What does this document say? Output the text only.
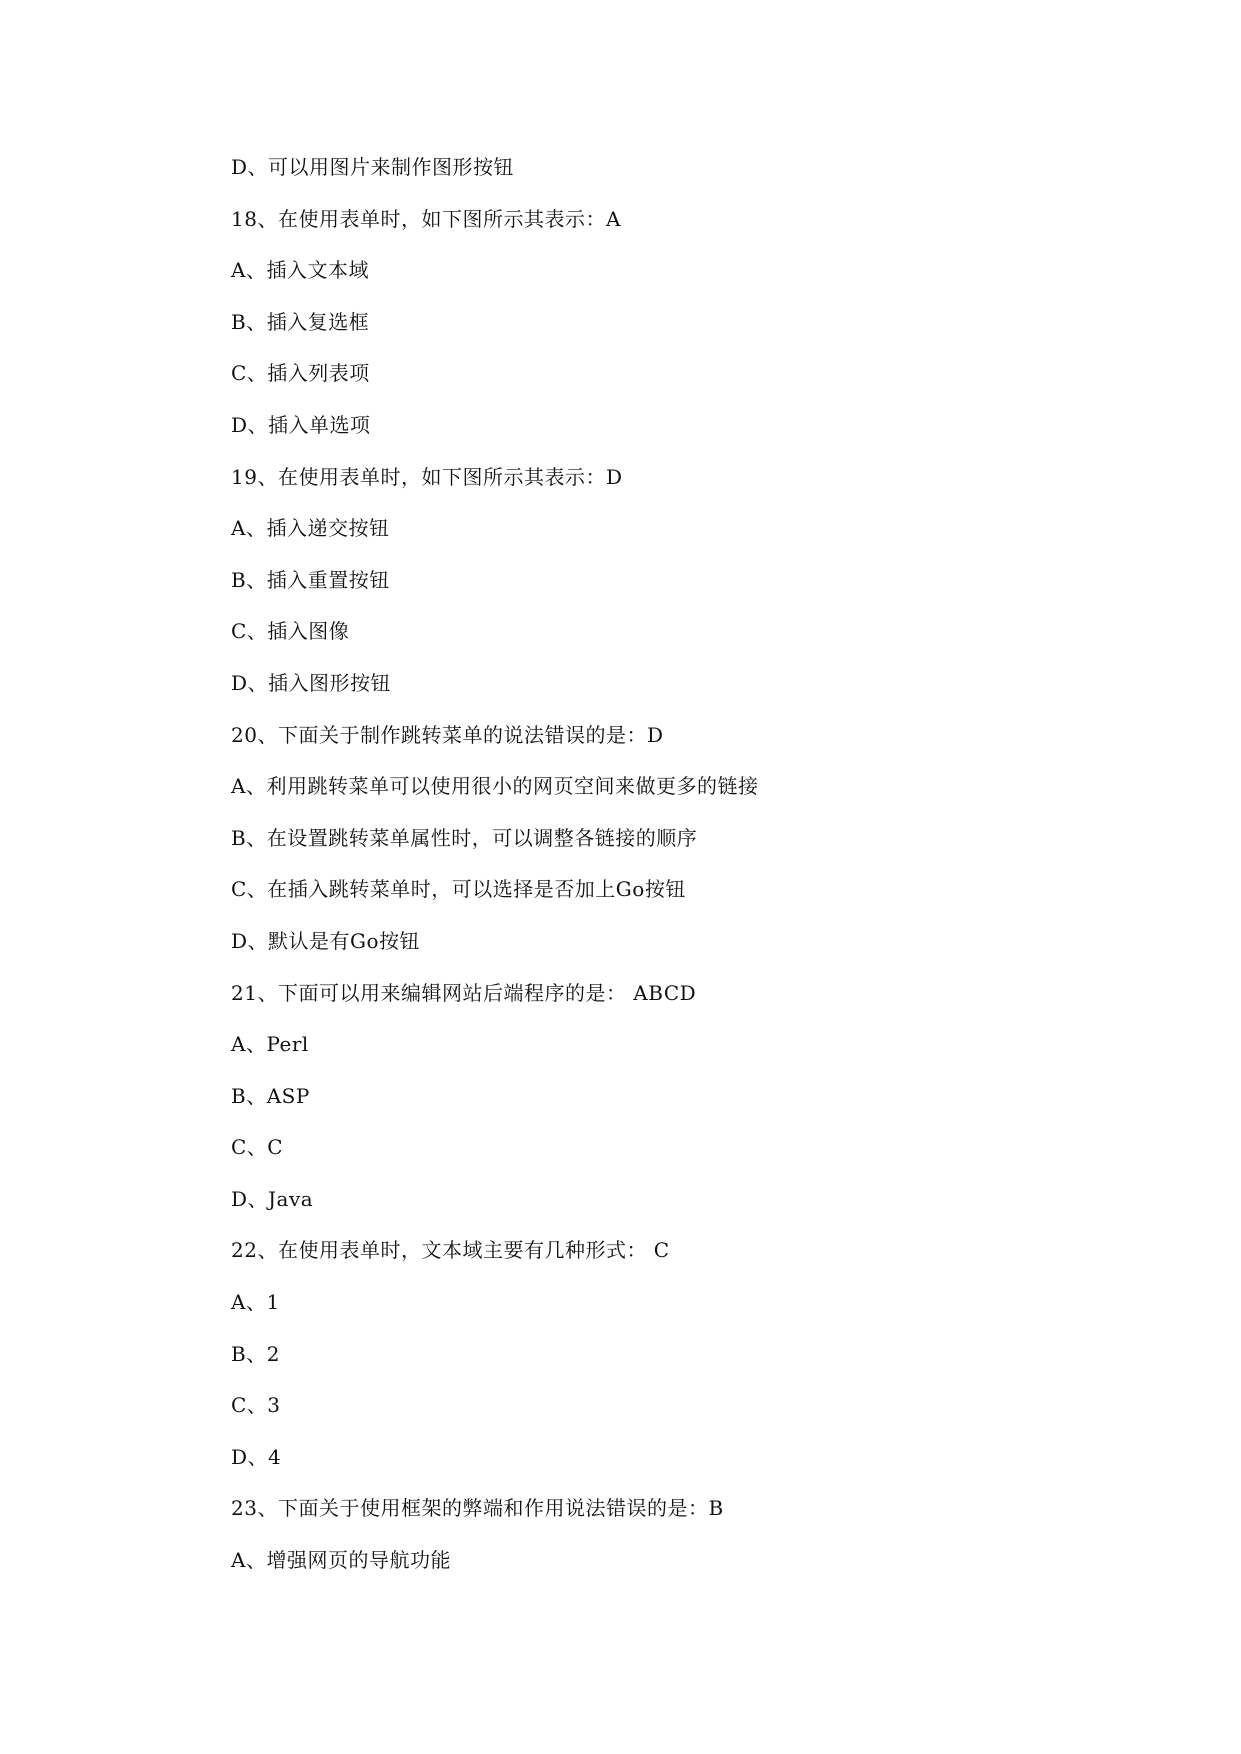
D、可以用图片来制作图形按钮
18、在使用表单时，如下图所示其表示：A
A、插入文本域
B、插入复选框
C、插入列表项
D、插入单选项
19、在使用表单时，如下图所示其表示：D
A、插入递交按钮
B、插入重置按钮
C、插入图像
D、插入图形按钮
20、下面关于制作跳转菜单的说法错误的是：D
A、利用跳转菜单可以使用很小的网页空间来做更多的链接
B、在设置跳转菜单属性时，可以调整各链接的顺序
C、在插入跳转菜单时，可以选择是否加上Go按钮
D、默认是有Go按钮
21、下面可以用来编辑网站后端程序的是： ABCD
A、Perl
B、ASP
C、C
D、Java
22、在使用表单时，文本域主要有几种形式： C
A、1
B、2
C、3
D、4
23、下面关于使用框架的弊端和作用说法错误的是：B
A、增强网页的导航功能
